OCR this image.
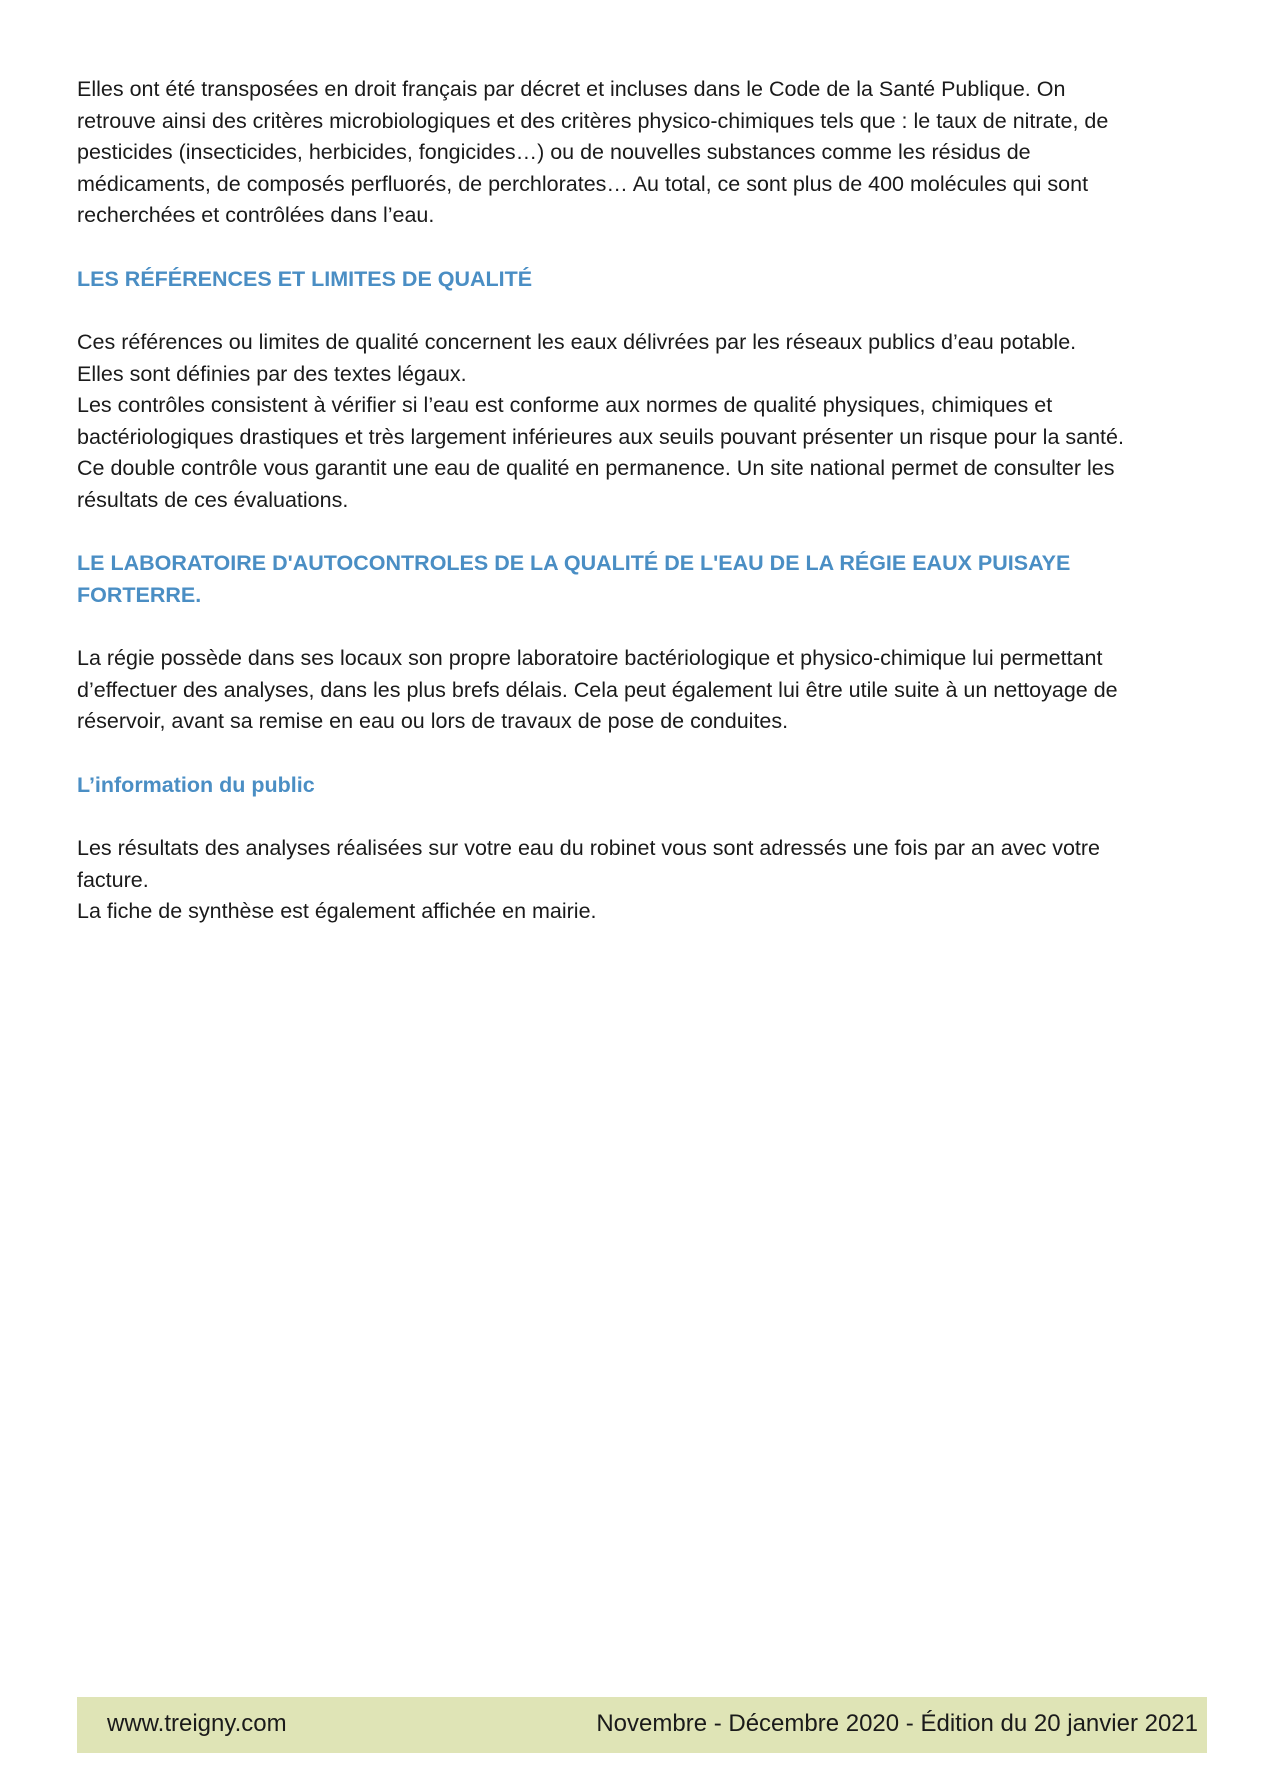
Elles ont été transposées en droit français par décret et incluses dans le Code de la Santé Publique. On
retrouve ainsi des critères microbiologiques et des critères physico-chimiques tels que : le taux de nitrate, de
pesticides (insecticides, herbicides, fongicides…) ou de nouvelles substances comme les résidus de
médicaments, de composés perfluorés, de perchlorates… Au total, ce sont plus de 400 molécules qui sont
recherchées et contrôlées dans l’eau.

LES RÉFÉRENCES ET LIMITES DE QUALITÉ

Ces références ou limites de qualité concernent les eaux délivrées par les réseaux publics d’eau potable.
Elles sont définies par des textes légaux.
Les contrôles consistent à vérifier si l’eau est conforme aux normes de qualité physiques, chimiques et
bactériologiques drastiques et très largement inférieures aux seuils pouvant présenter un risque pour la santé.
Ce double contrôle vous garantit une eau de qualité en permanence. Un site national permet de consulter les
résultats de ces évaluations.

LE LABORATOIRE D'AUTOCONTROLES DE LA QUALITÉ DE L'EAU DE LA RÉGIE EAUX PUISAYE
FORTERRE.

La régie possède dans ses locaux son propre laboratoire bactériologique et physico-chimique lui permettant
d’effectuer des analyses, dans les plus brefs délais. Cela peut également lui être utile suite à un nettoyage de
réservoir, avant sa remise en eau ou lors de travaux de pose de conduites.

L’information du public

Les résultats des analyses réalisées sur votre eau du robinet vous sont adressés une fois par an avec votre
facture.
La fiche de synthèse est également affichée en mairie.

www.treigny.com	Novembre - Décembre 2020 - Édition du 20 janvier 2021
